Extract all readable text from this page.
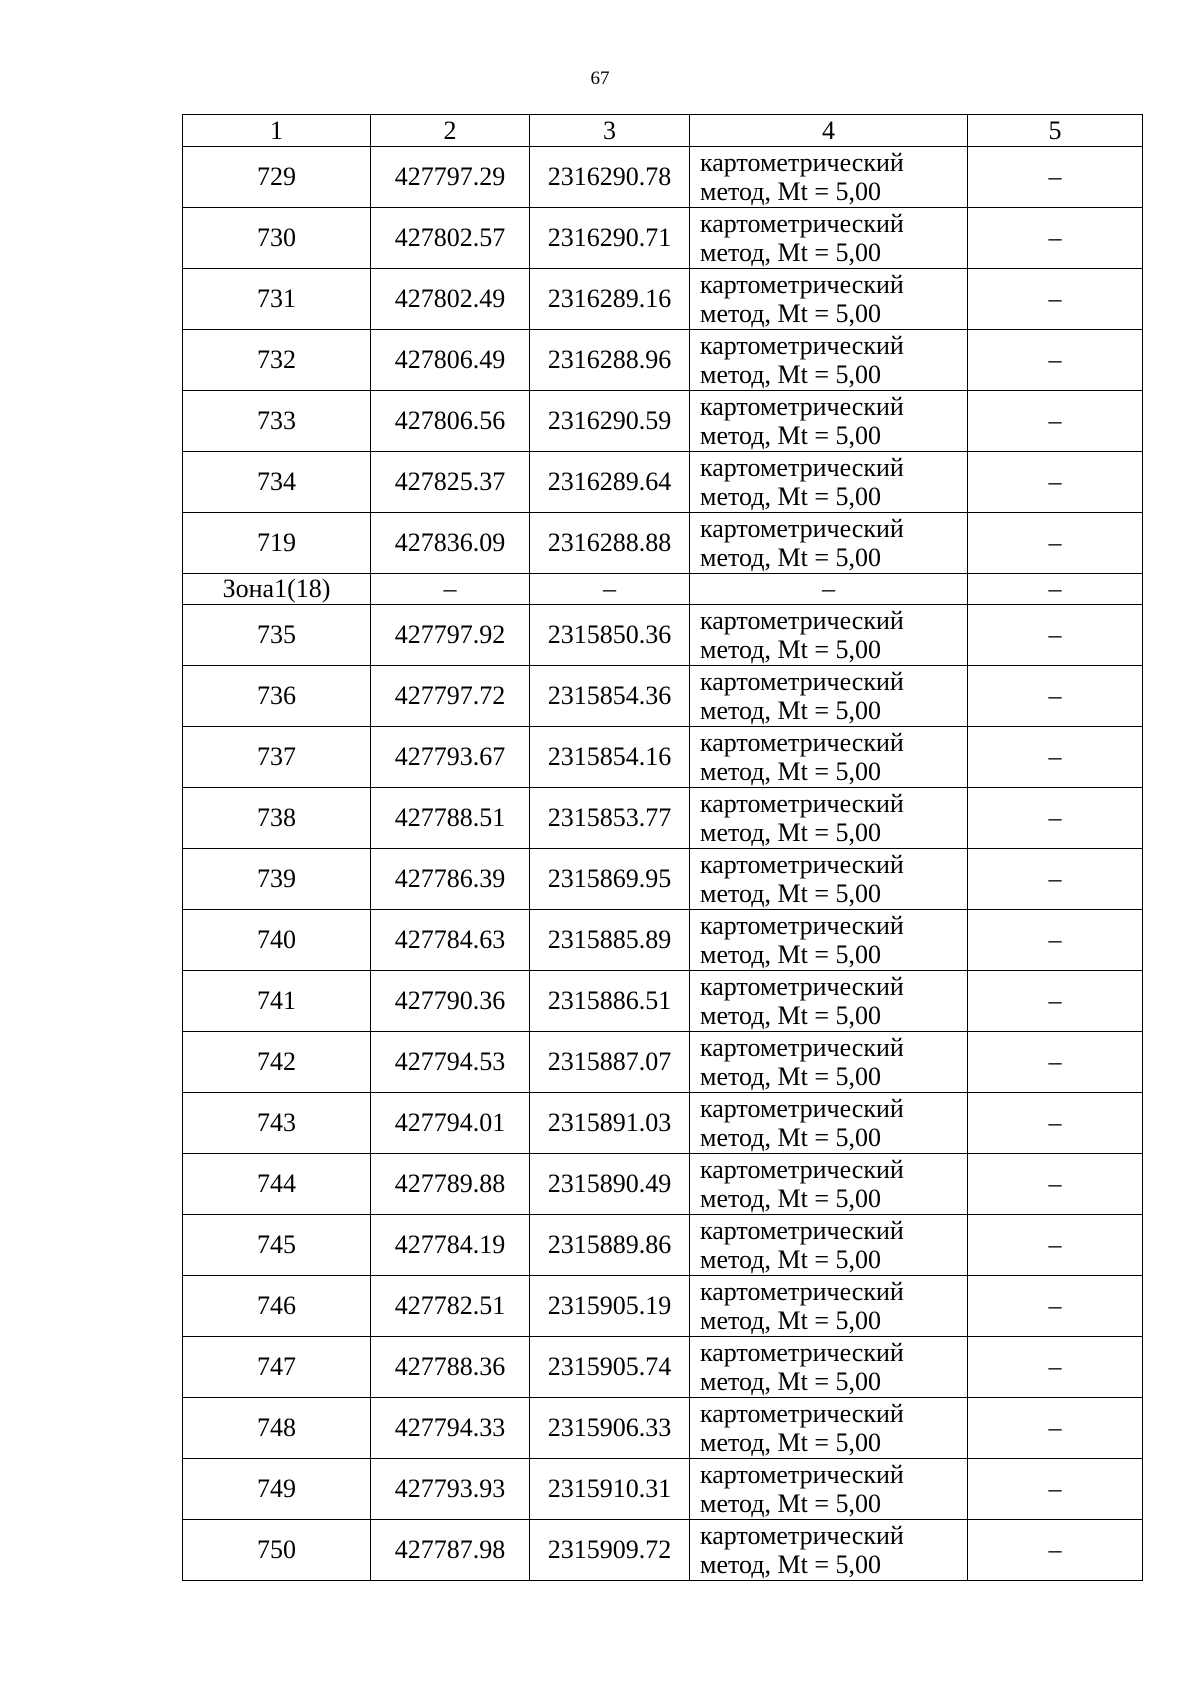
67
1	2	3	4	5
729	427797.29	2316290.78	картометрический
метод, Mt = 5,00	–
730	427802.57	2316290.71	картометрический
метод, Mt = 5,00	–
731	427802.49	2316289.16	картометрический
метод, Mt = 5,00	–
732	427806.49	2316288.96	картометрический
метод, Mt = 5,00	–
733	427806.56	2316290.59	картометрический
метод, Mt = 5,00	–
734	427825.37	2316289.64	картометрический
метод, Mt = 5,00	–
719	427836.09	2316288.88	картометрический
метод, Mt = 5,00	–
Зона1(18)	–	–	–	–
735	427797.92	2315850.36	картометрический
метод, Mt = 5,00	–
736	427797.72	2315854.36	картометрический
метод, Mt = 5,00	–
737	427793.67	2315854.16	картометрический
метод, Mt = 5,00	–
738	427788.51	2315853.77	картометрический
метод, Mt = 5,00	–
739	427786.39	2315869.95	картометрический
метод, Mt = 5,00	–
740	427784.63	2315885.89	картометрический
метод, Mt = 5,00	–
741	427790.36	2315886.51	картометрический
метод, Mt = 5,00	–
742	427794.53	2315887.07	картометрический
метод, Mt = 5,00	–
743	427794.01	2315891.03	картометрический
метод, Mt = 5,00	–
744	427789.88	2315890.49	картометрический
метод, Mt = 5,00	–
745	427784.19	2315889.86	картометрический
метод, Mt = 5,00	–
746	427782.51	2315905.19	картометрический
метод, Mt = 5,00	–
747	427788.36	2315905.74	картометрический
метод, Mt = 5,00	–
748	427794.33	2315906.33	картометрический
метод, Mt = 5,00	–
749	427793.93	2315910.31	картометрический
метод, Mt = 5,00	–
750	427787.98	2315909.72	картометрический
метод, Mt = 5,00	–
